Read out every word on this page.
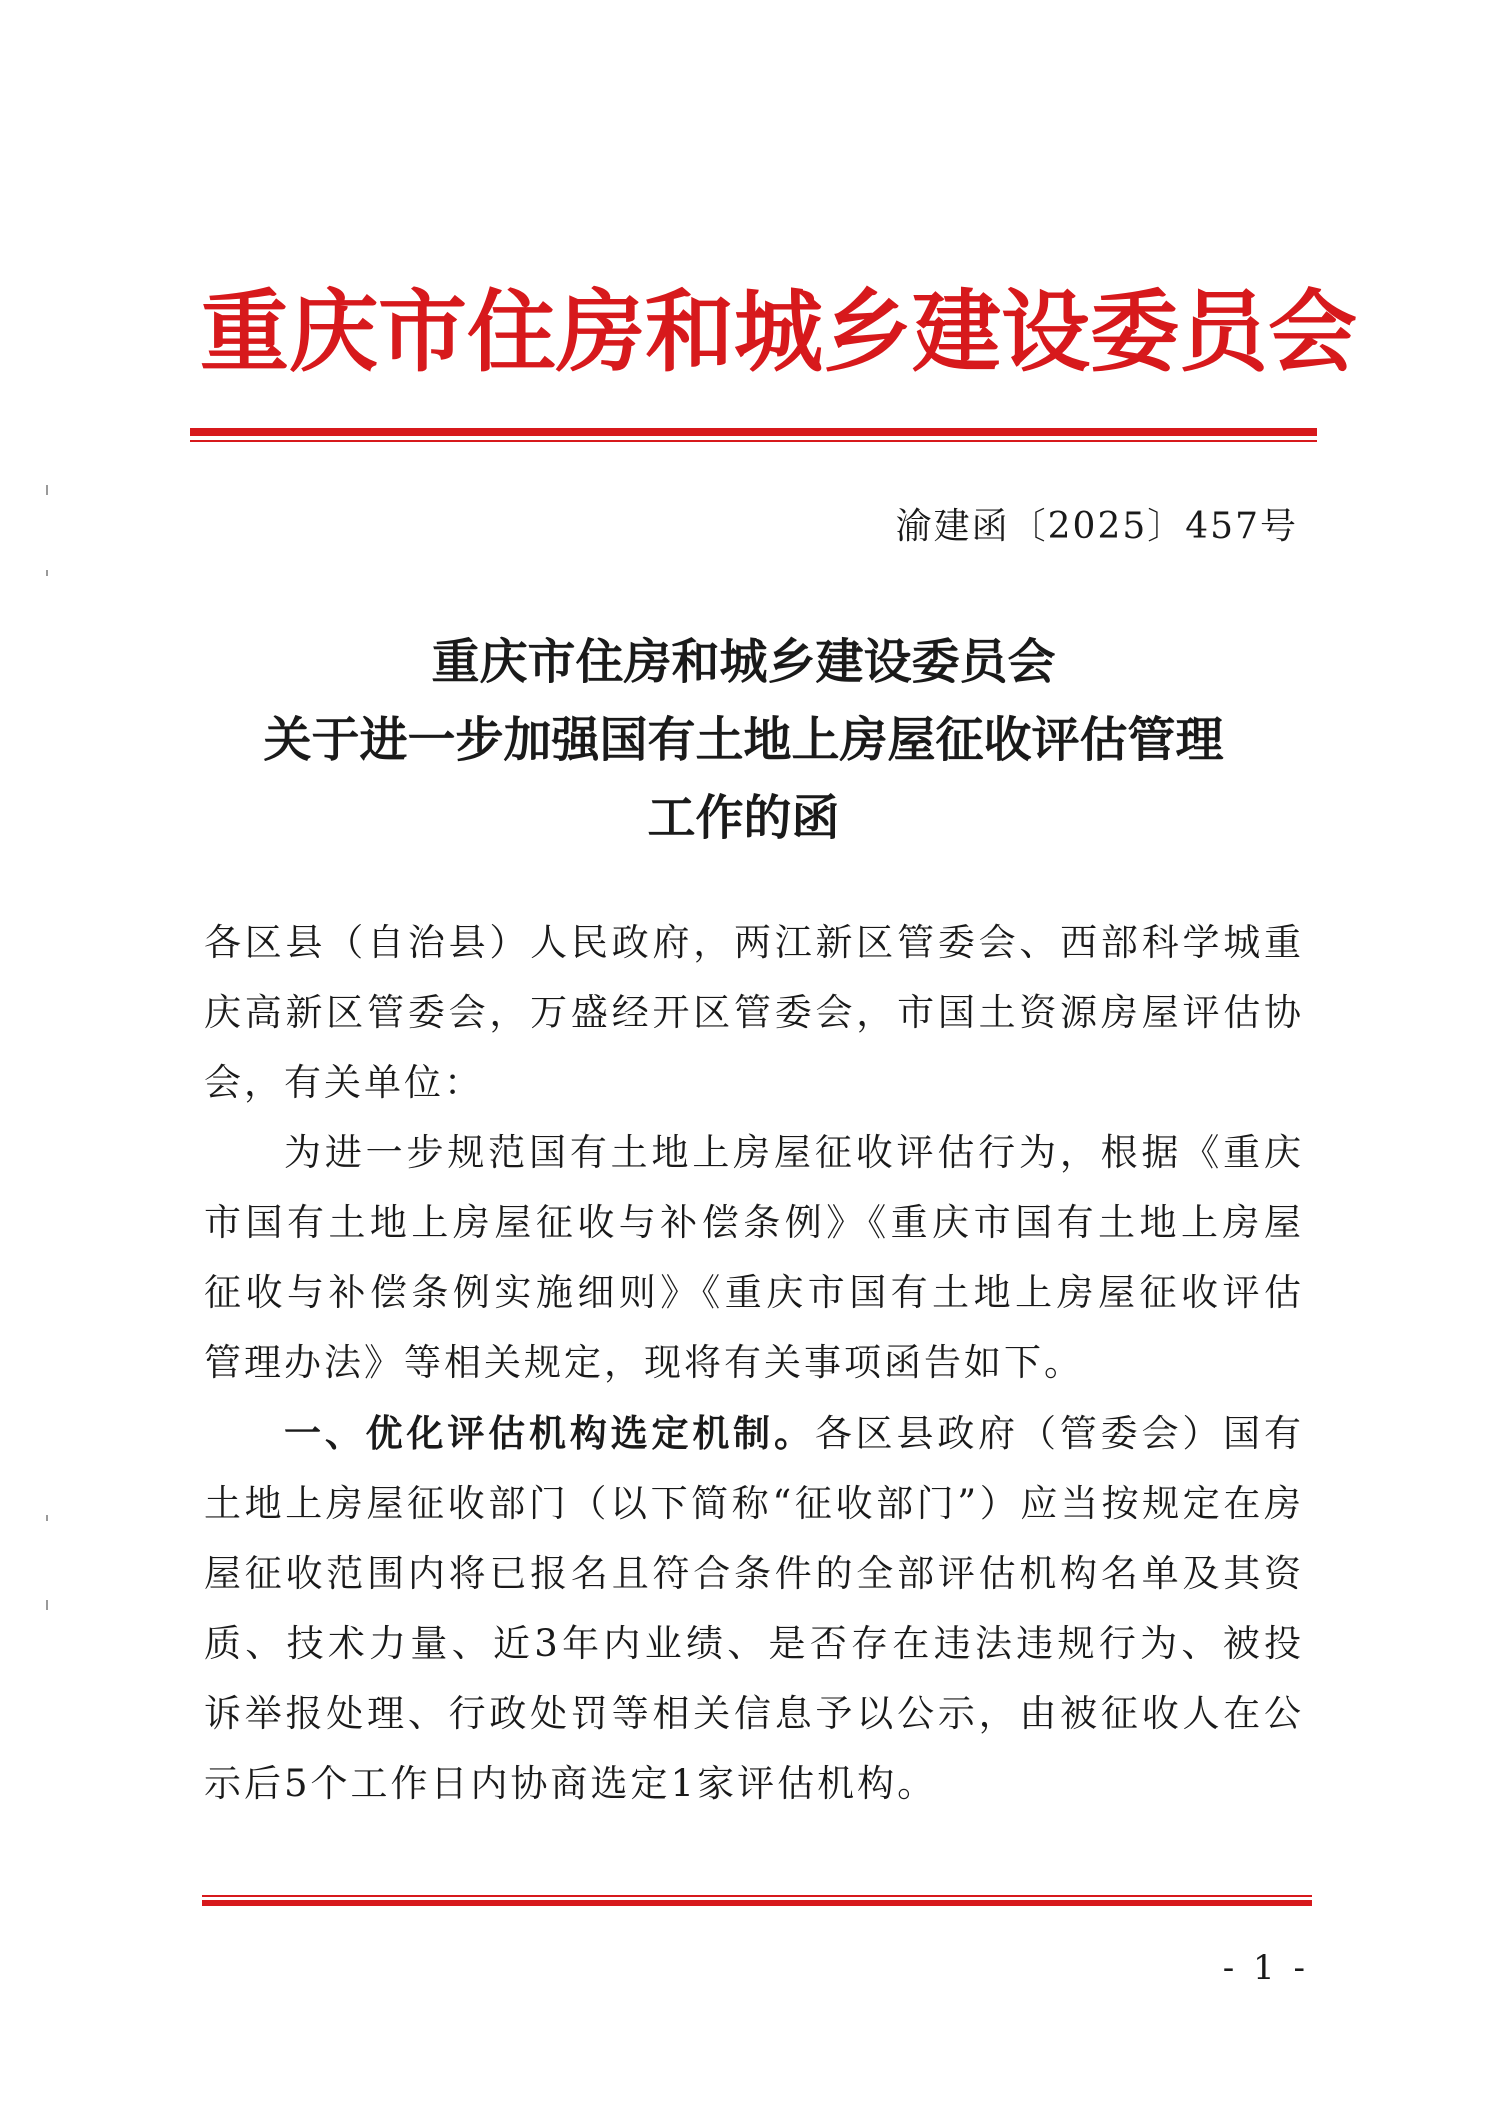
重庆市住房和城乡建设委员会
渝建函〔2025〕457号
重庆市住房和城乡建设委员会
关于进一步加强国有土地上房屋征收评估管理
工作的函

各区县（自治县）人民政府，两江新区管委会、西部科学城重庆高新区管委会，万盛经开区管委会，市国土资源房屋评估协会，有关单位：

为进一步规范国有土地上房屋征收评估行为，根据《重庆市国有土地上房屋征收与补偿条例》《重庆市国有土地上房屋征收与补偿条例实施细则》《重庆市国有土地上房屋征收评估管理办法》等相关规定，现将有关事项函告如下。

一、优化评估机构选定机制。各区县政府（管委会）国有土地上房屋征收部门（以下简称“征收部门”）应当按规定在房屋征收范围内将已报名且符合条件的全部评估机构名单及其资质、技术力量、近3年内业绩、是否存在违法违规行为、被投诉举报处理、行政处罚等相关信息予以公示，由被征收人在公示后5个工作日内协商选定1家评估机构。

- 1 -
